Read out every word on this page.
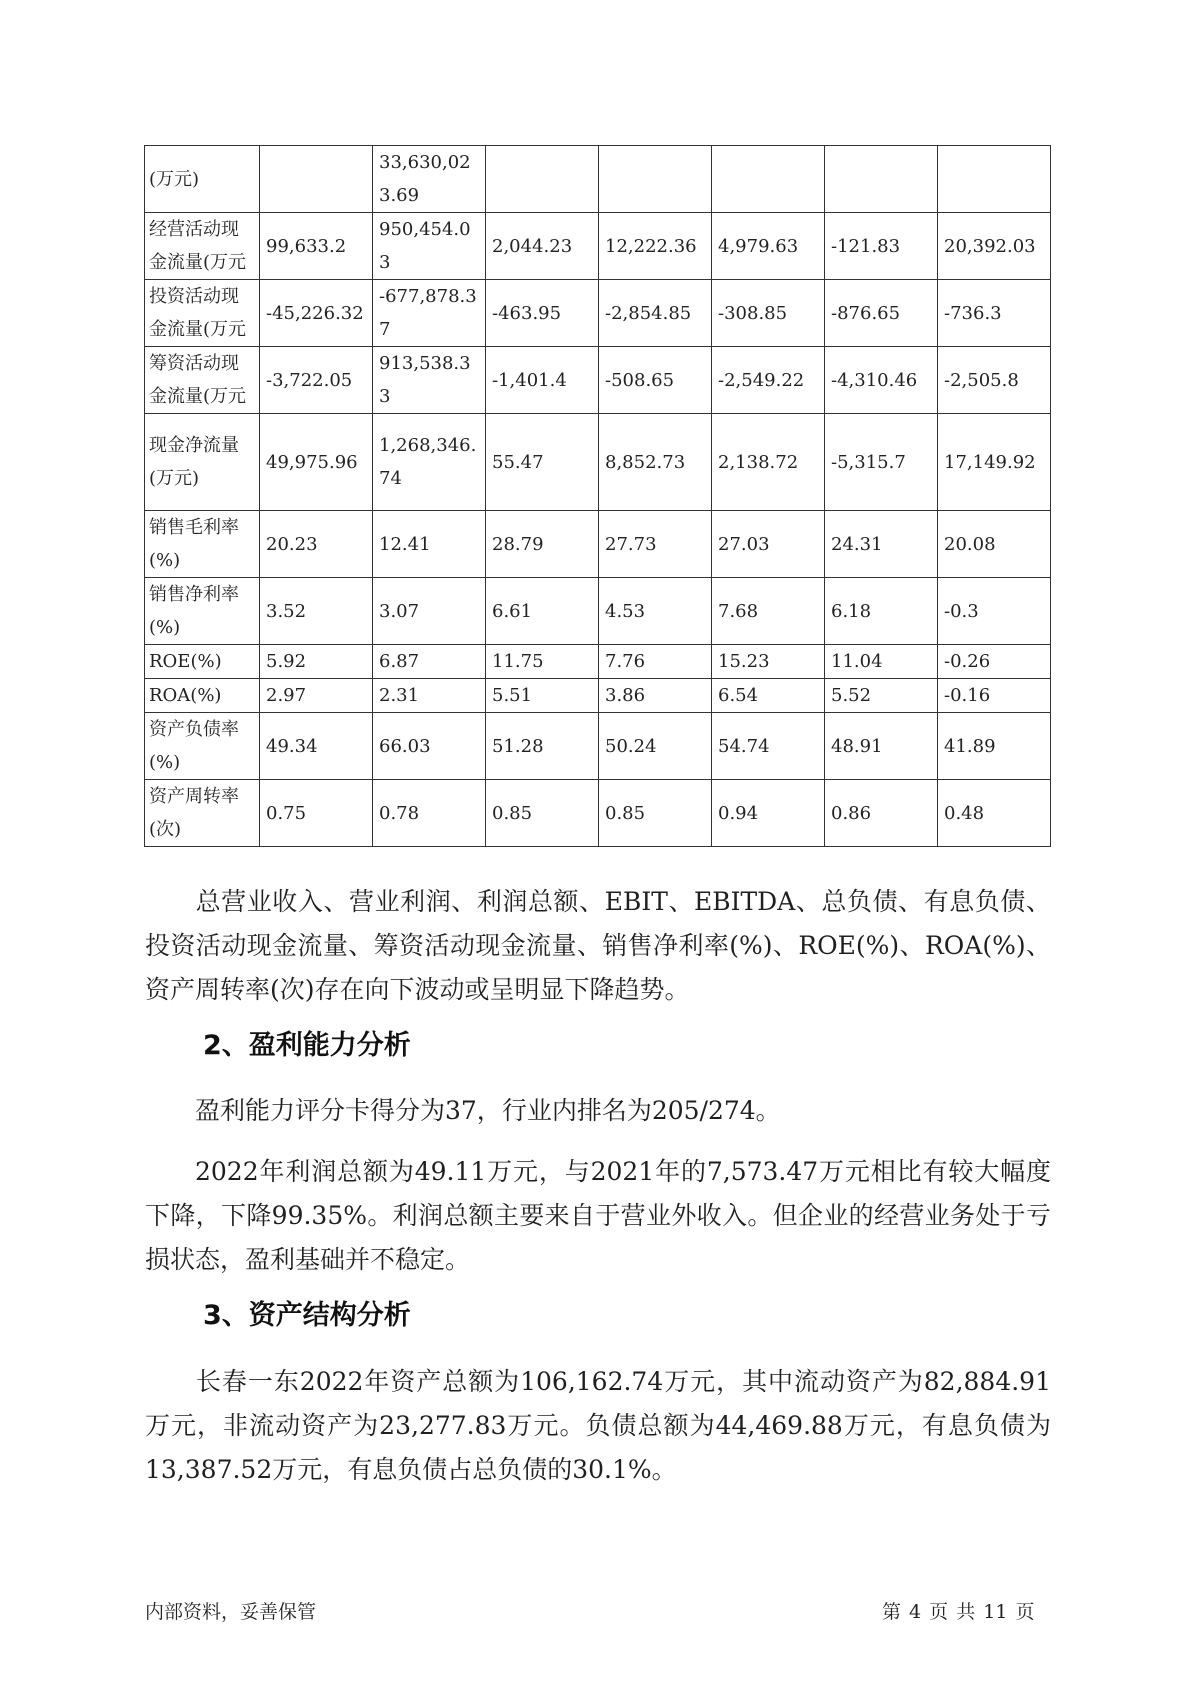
(万元)		33,630,023.69					
经营活动现金流量(万元	99,633.2	950,454.03	2,044.23	12,222.36	4,979.63	-121.83	20,392.03
投资活动现金流量(万元	-45,226.32	-677,878.37	-463.95	-2,854.85	-308.85	-876.65	-736.3
筹资活动现金流量(万元	-3,722.05	913,538.33	-1,401.4	-508.65	-2,549.22	-4,310.46	-2,505.8
现金净流量(万元)	49,975.96	1,268,346.74	55.47	8,852.73	2,138.72	-5,315.7	17,149.92
销售毛利率(%)	20.23	12.41	28.79	27.73	27.03	24.31	20.08
销售净利率(%)	3.52	3.07	6.61	4.53	7.68	6.18	-0.3
ROE(%)	5.92	6.87	11.75	7.76	15.23	11.04	-0.26
ROA(%)	2.97	2.31	5.51	3.86	6.54	5.52	-0.16
资产负债率(%)	49.34	66.03	51.28	50.24	54.74	48.91	41.89
资产周转率(次)	0.75	0.78	0.85	0.85	0.94	0.86	0.48
总营业收入、营业利润、利润总额、EBIT、EBITDA、总负债、有息负债、投资活动现金流量、筹资活动现金流量、销售净利率(%)、ROE(%)、ROA(%)、资产周转率(次)存在向下波动或呈明显下降趋势。
2、盈利能力分析
盈利能力评分卡得分为37，行业内排名为205/274。
2022年利润总额为49.11万元，与2021年的7,573.47万元相比有较大幅度下降，下降99.35%。利润总额主要来自于营业外收入。但企业的经营业务处于亏损状态，盈利基础并不稳定。
3、资产结构分析
长春一东2022年资产总额为106,162.74万元，其中流动资产为82,884.91万元，非流动资产为23,277.83万元。负债总额为44,469.88万元，有息负债为13,387.52万元，有息负债占总负债的30.1%。
内部资料，妥善保管	第 4 页 共 11 页
